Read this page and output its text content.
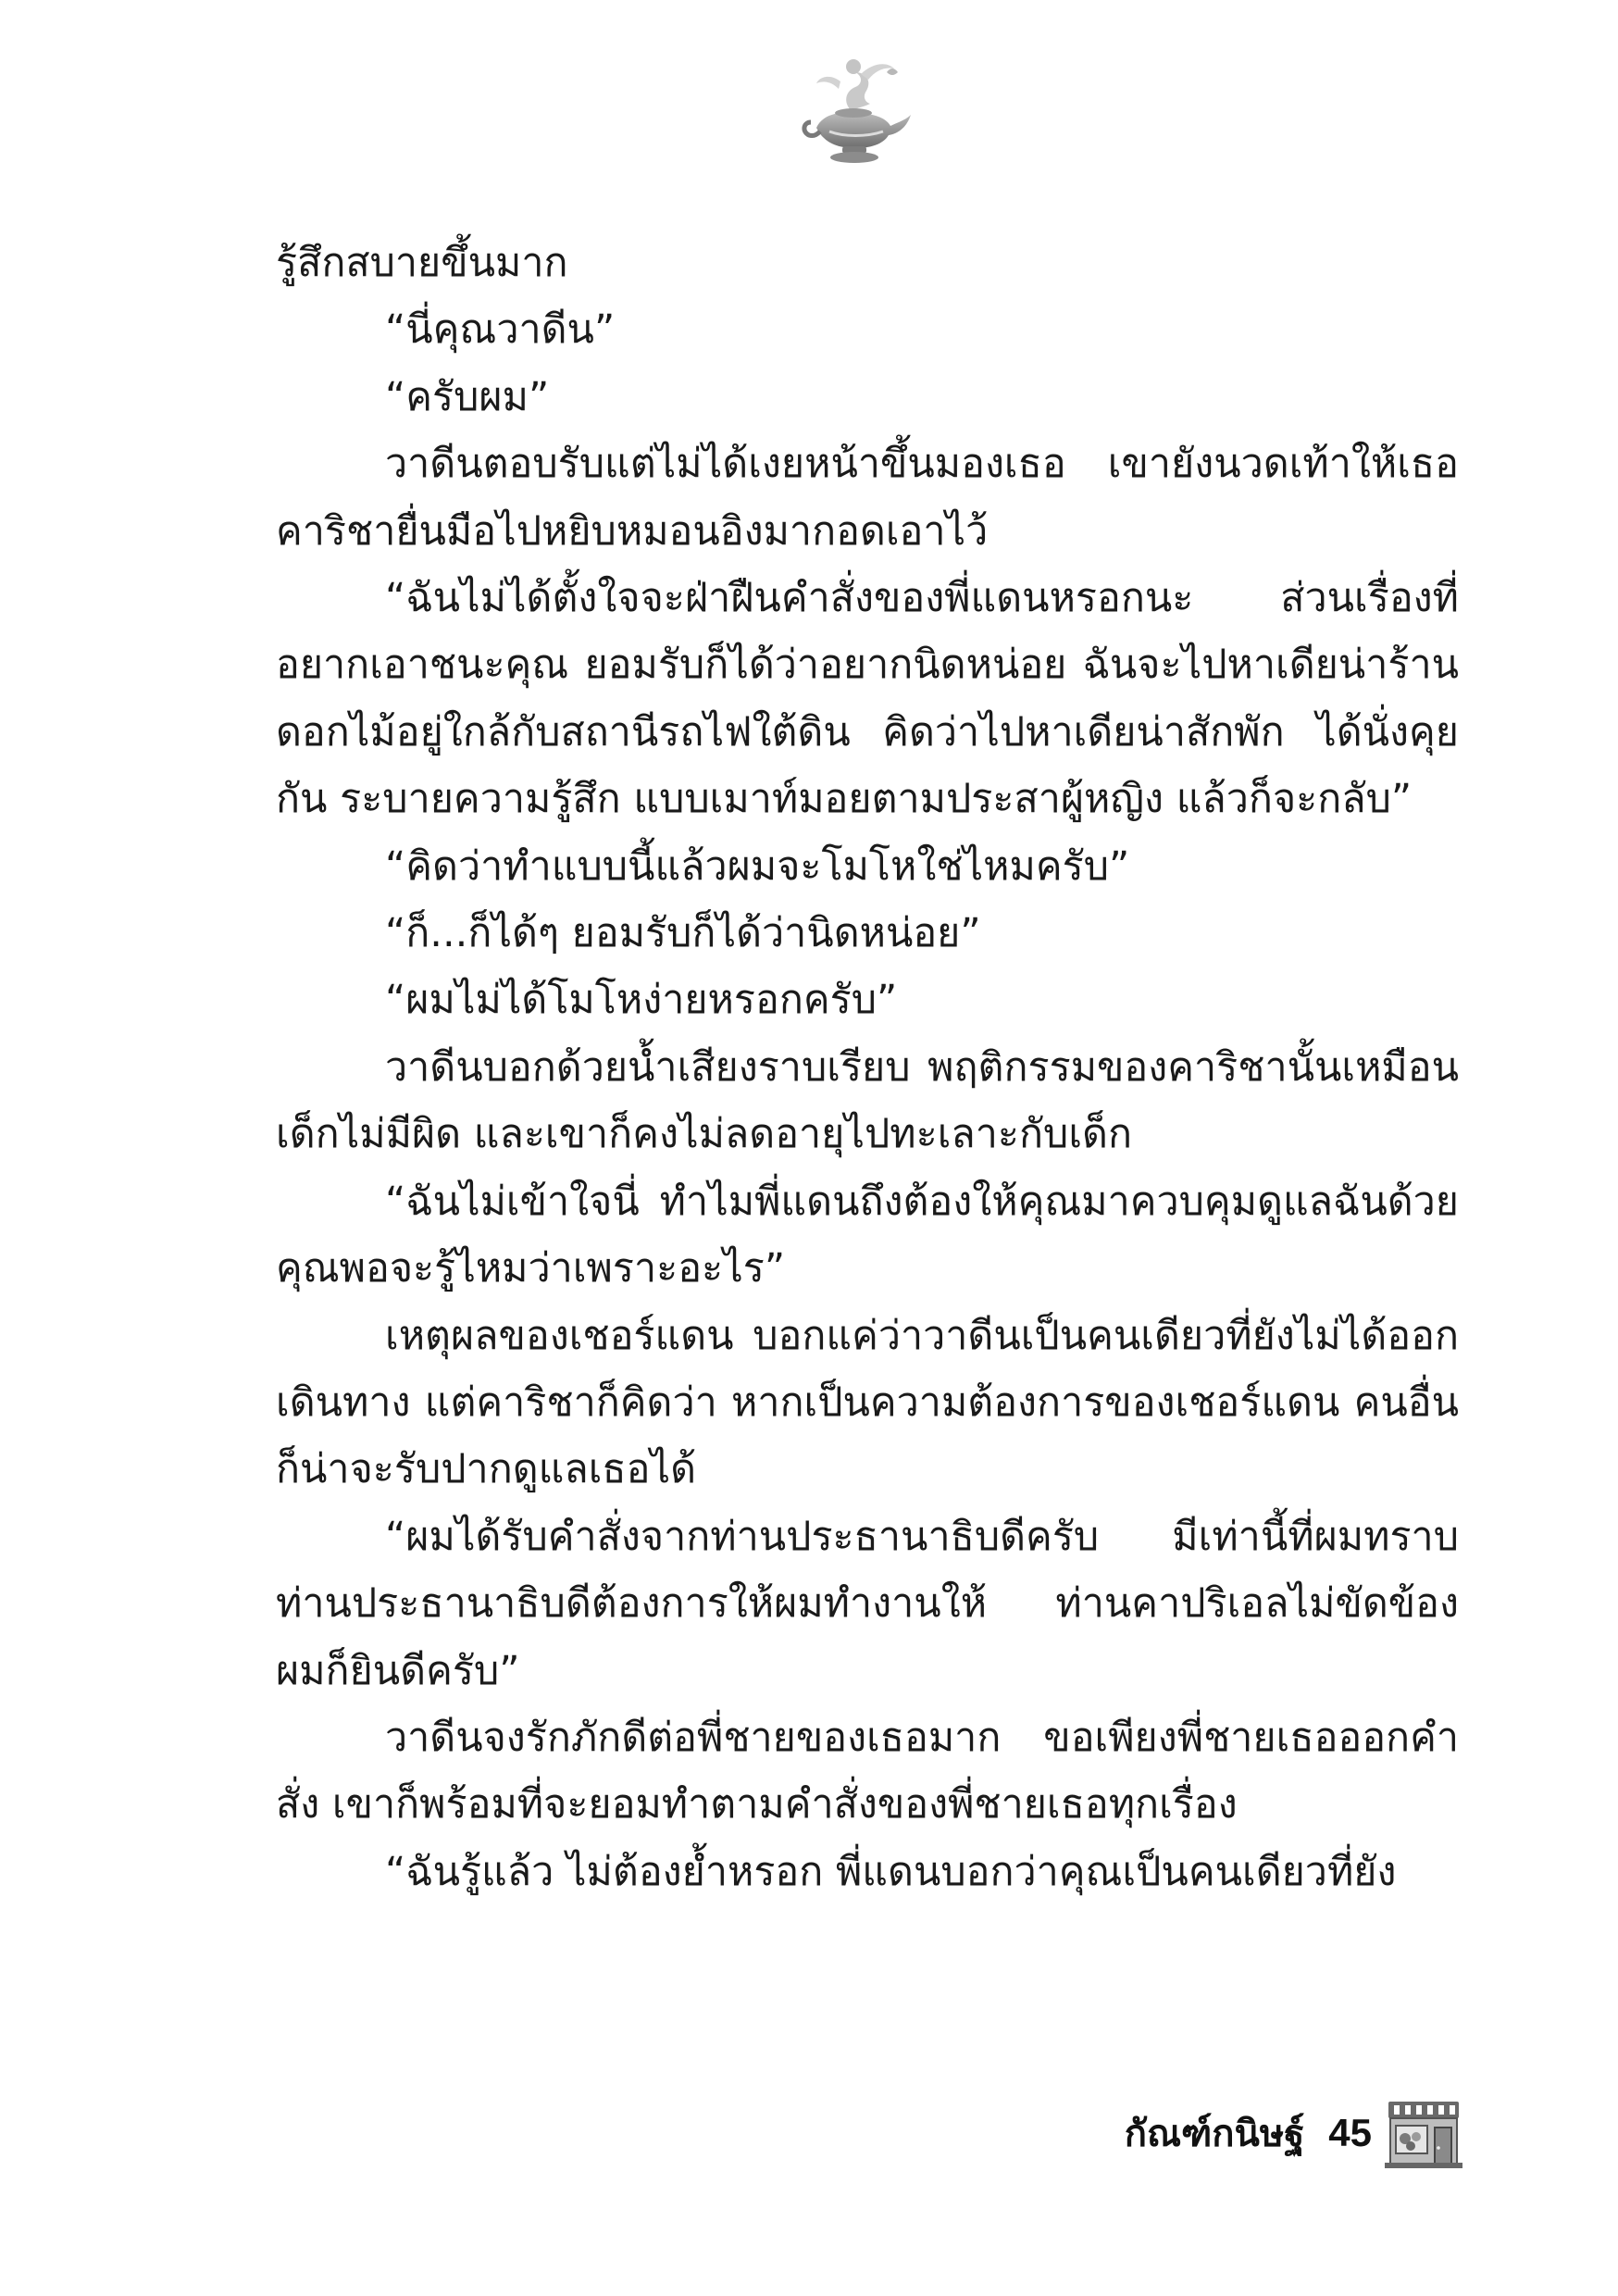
รู้สึกสบายขึ้นมาก

“นี่คุณวาดีน”

“ครับผม”

วาดีนตอบรับแต่ไม่ได้เงยหน้าขึ้นมองเธอ เขายังนวดเท้าให้เธอ คาริชายื่นมือไปหยิบหมอนอิงมากอดเอาไว้

“ฉันไม่ได้ตั้งใจจะฝ่าฝืนคำสั่งของพี่แดนหรอกนะ ส่วนเรื่องที่อยากเอาชนะคุณ ยอมรับก็ได้ว่าอยากนิดหน่อย ฉันจะไปหาเดียน่าร้านดอกไม้อยู่ใกล้กับสถานีรถไฟใต้ดิน คิดว่าไปหาเดียน่าสักพัก ได้นั่งคุยกัน ระบายความรู้สึก แบบเมาท์มอยตามประสาผู้หญิง แล้วก็จะกลับ”

“คิดว่าทำแบบนี้แล้วผมจะโมโหใช่ไหมครับ”

“ก็...ก็ได้ๆ ยอมรับก็ได้ว่านิดหน่อย”

“ผมไม่ได้โมโหง่ายหรอกครับ”

วาดีนบอกด้วยน้ำเสียงราบเรียบ พฤติกรรมของคาริชานั้นเหมือนเด็กไม่มีผิด และเขาก็คงไม่ลดอายุไปทะเลาะกับเด็ก

“ฉันไม่เข้าใจนี่ ทำไมพี่แดนถึงต้องให้คุณมาควบคุมดูแลฉันด้วย คุณพอจะรู้ไหมว่าเพราะอะไร”

เหตุผลของเชอร์แดน บอกแค่ว่าวาดีนเป็นคนเดียวที่ยังไม่ได้ออกเดินทาง แต่คาริชาก็คิดว่า หากเป็นความต้องการของเชอร์แดน คนอื่นก็น่าจะรับปากดูแลเธอได้

“ผมได้รับคำสั่งจากท่านประธานาธิบดีครับ มีเท่านี้ที่ผมทราบ ท่านประธานาธิบดีต้องการให้ผมทำงานให้ ท่านคาปริเอลไม่ขัดข้อง ผมก็ยินดีครับ”

วาดีนจงรักภักดีต่อพี่ชายของเธอมาก ขอเพียงพี่ชายเธอออกคำสั่ง เขาก็พร้อมที่จะยอมทำตามคำสั่งของพี่ชายเธอทุกเรื่อง

“ฉันรู้แล้ว ไม่ต้องย้ำหรอก พี่แดนบอกว่าคุณเป็นคนเดียวที่ยัง

กัณฑ์กนิษฐ์ 45
